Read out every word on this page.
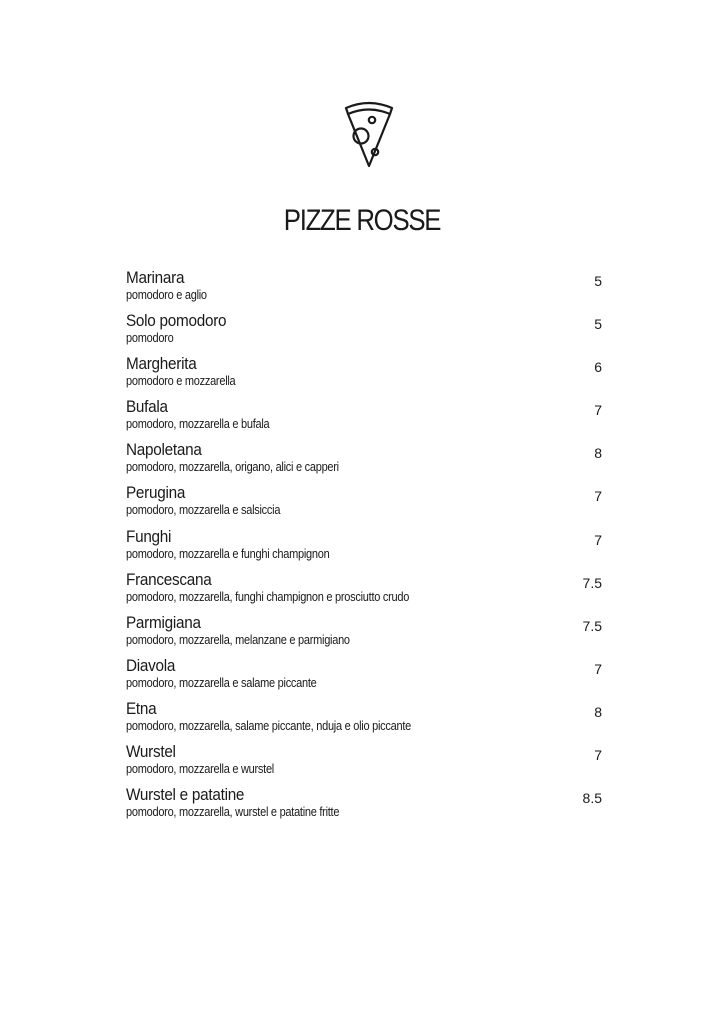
PIZZE ROSSE
Marinara
pomodoro e aglio
5
Solo pomodoro
pomodoro
5
Margherita
pomodoro e mozzarella
6
Bufala
pomodoro, mozzarella e bufala
7
Napoletana
pomodoro, mozzarella, origano, alici e capperi
8
Perugina
pomodoro, mozzarella e salsiccia
7
Funghi
pomodoro, mozzarella e funghi champignon
7
Francescana
pomodoro, mozzarella, funghi champignon e prosciutto crudo
7.5
Parmigiana
pomodoro, mozzarella, melanzane e parmigiano
7.5
Diavola
pomodoro, mozzarella e salame piccante
7
Etna
pomodoro, mozzarella, salame piccante, nduja e olio piccante
8
Wurstel
pomodoro, mozzarella e wurstel
7
Wurstel e patatine
pomodoro, mozzarella, wurstel e patatine fritte
8.5
